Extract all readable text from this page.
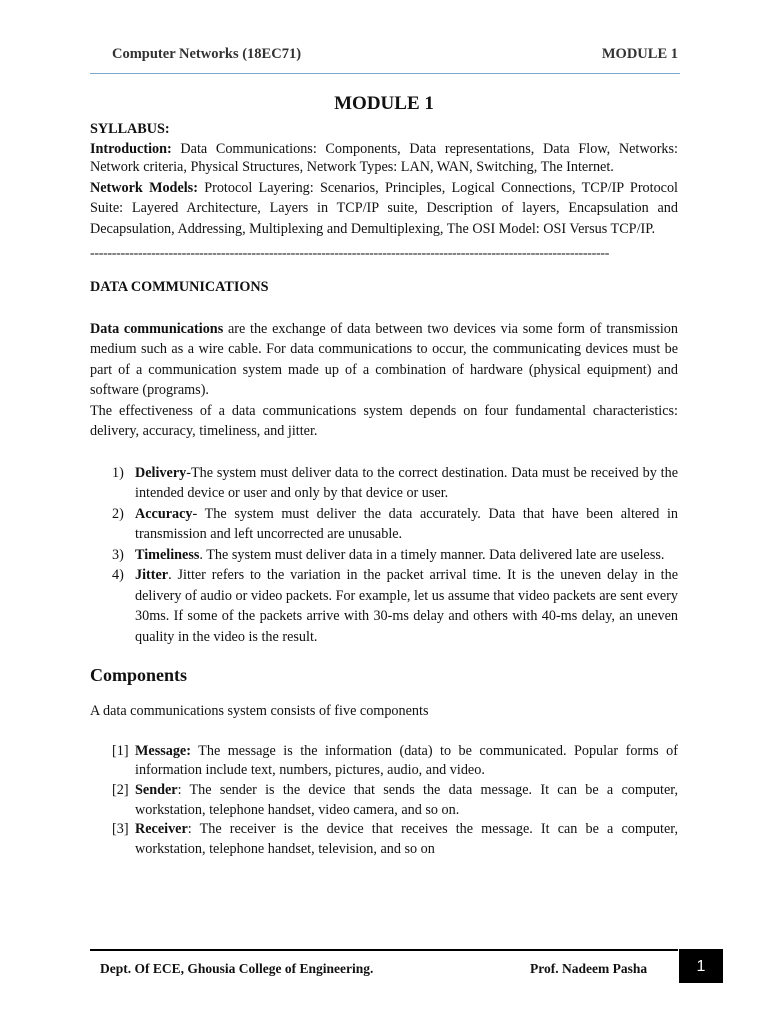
Computer Networks (18EC71)	MODULE 1
MODULE 1

SYLLABUS:

Introduction: Data Communications: Components, Data representations, Data Flow, Networks: Network criteria, Physical Structures, Network Types: LAN, WAN, Switching, The Internet.

Network Models: Protocol Layering: Scenarios, Principles, Logical Connections, TCP/IP Protocol Suite: Layered Architecture, Layers in TCP/IP suite, Description of layers, Encapsulation and Decapsulation, Addressing, Multiplexing and Demultiplexing, The OSI Model: OSI Versus TCP/IP.

-----------------------------------------------------------------------------------------------------------------------

DATA COMMUNICATIONS

Data communications are the exchange of data between two devices via some form of transmission medium such as a wire cable. For data communications to occur, the communicating devices must be part of a communication system made up of a combination of hardware (physical equipment) and software (programs).

The effectiveness of a data communications system depends on four fundamental characteristics: delivery, accuracy, timeliness, and jitter.

1) Delivery-The system must deliver data to the correct destination. Data must be received by the intended device or user and only by that device or user.
2) Accuracy- The system must deliver the data accurately. Data that have been altered in transmission and left uncorrected are unusable.
3) Timeliness. The system must deliver data in a timely manner. Data delivered late are useless.
4) Jitter. Jitter refers to the variation in the packet arrival time. It is the uneven delay in the delivery of audio or video packets. For example, let us assume that video packets are sent every 30ms. If some of the packets arrive with 30-ms delay and others with 40-ms delay, an uneven quality in the video is the result.
Components

A data communications system consists of five components

[1] Message: The message is the information (data) to be communicated. Popular forms of information include text, numbers, pictures, audio, and video.
[2] Sender: The sender is the device that sends the data message. It can be a computer, workstation, telephone handset, video camera, and so on.
[3] Receiver: The receiver is the device that receives the message. It can be a computer, workstation, telephone handset, television, and so on
Dept. Of ECE, Ghousia College of Engineering.	Prof. Nadeem Pasha	1
